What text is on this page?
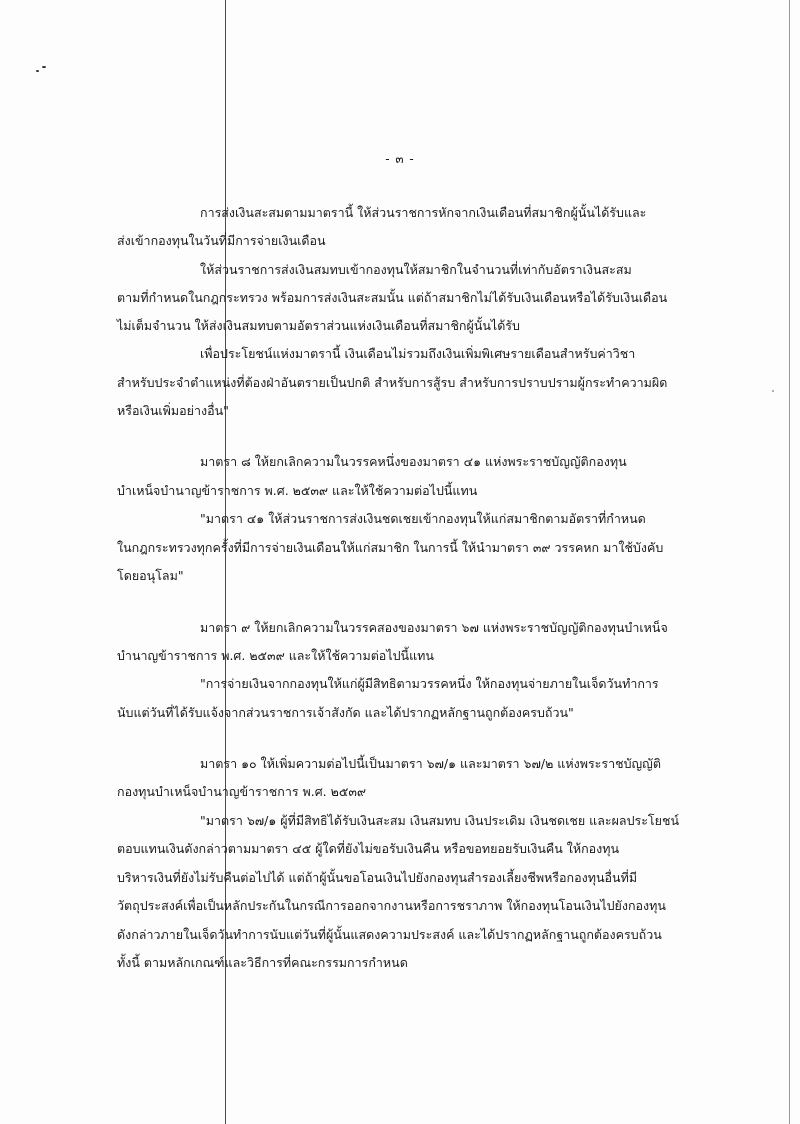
- ๓ -
การส่งเงินสะสมตามมาตรานี้ ให้ส่วนราชการหักจากเงินเดือนที่สมาชิกผู้นั้นได้รับและ
ส่งเข้ากองทุนในวันที่มีการจ่ายเงินเดือน
ให้ส่วนราชการส่งเงินสมทบเข้ากองทุนให้สมาชิกในจำนวนที่เท่ากับอัตราเงินสะสม
ตามที่กำหนดในกฎกระทรวง พร้อมการส่งเงินสะสมนั้น แต่ถ้าสมาชิกไม่ได้รับเงินเดือนหรือได้รับเงินเดือน
ไม่เต็มจำนวน ให้ส่งเงินสมทบตามอัตราส่วนแห่งเงินเดือนที่สมาชิกผู้นั้นได้รับ
เพื่อประโยชน์แห่งมาตรานี้ เงินเดือนไม่รวมถึงเงินเพิ่มพิเศษรายเดือนสำหรับค่าวิชา
สำหรับประจำตำแหน่งที่ต้องฝ่าอันตรายเป็นปกติ สำหรับการสู้รบ สำหรับการปราบปรามผู้กระทำความผิด
หรือเงินเพิ่มอย่างอื่น"
มาตรา ๘ ให้ยกเลิกความในวรรคหนึ่งของมาตรา ๔๑ แห่งพระราชบัญญัติกองทุน
บำเหน็จบำนาญข้าราชการ พ.ศ. ๒๕๓๙ และให้ใช้ความต่อไปนี้แทน
"มาตรา ๔๑ ให้ส่วนราชการส่งเงินชดเชยเข้ากองทุนให้แก่สมาชิกตามอัตราที่กำหนด
ในกฎกระทรวงทุกครั้งที่มีการจ่ายเงินเดือนให้แก่สมาชิก ในการนี้ ให้นำมาตรา ๓๙ วรรคหก มาใช้บังคับ
โดยอนุโลม"
มาตรา ๙ ให้ยกเลิกความในวรรคสองของมาตรา ๖๗ แห่งพระราชบัญญัติกองทุนบำเหน็จ
บำนาญข้าราชการ พ.ศ. ๒๕๓๙ และให้ใช้ความต่อไปนี้แทน
"การจ่ายเงินจากกองทุนให้แก่ผู้มีสิทธิตามวรรคหนึ่ง ให้กองทุนจ่ายภายในเจ็ดวันทำการ
นับแต่วันที่ได้รับแจ้งจากส่วนราชการเจ้าสังกัด และได้ปรากฏหลักฐานถูกต้องครบถ้วน"
มาตรา ๑๐ ให้เพิ่มความต่อไปนี้เป็นมาตรา ๖๗/๑ และมาตรา ๖๗/๒ แห่งพระราชบัญญัติ
กองทุนบำเหน็จบำนาญข้าราชการ พ.ศ. ๒๕๓๙
"มาตรา ๖๗/๑ ผู้ที่มีสิทธิได้รับเงินสะสม เงินสมทบ เงินประเดิม เงินชดเชย และผลประโยชน์
ตอบแทนเงินดังกล่าวตามมาตรา ๔๕ ผู้ใดที่ยังไม่ขอรับเงินคืน หรือขอทยอยรับเงินคืน ให้กองทุน
บริหารเงินที่ยังไม่รับคืนต่อไปได้ แต่ถ้าผู้นั้นขอโอนเงินไปยังกองทุนสำรองเลี้ยงชีพหรือกองทุนอื่นที่มี
วัตถุประสงค์เพื่อเป็นหลักประกันในกรณีการออกจากงานหรือการชราภาพ ให้กองทุนโอนเงินไปยังกองทุน
ดังกล่าวภายในเจ็ดวันทำการนับแต่วันที่ผู้นั้นแสดงความประสงค์ และได้ปรากฏหลักฐานถูกต้องครบถ้วน
ทั้งนี้ ตามหลักเกณฑ์และวิธีการที่คณะกรรมการกำหนด
